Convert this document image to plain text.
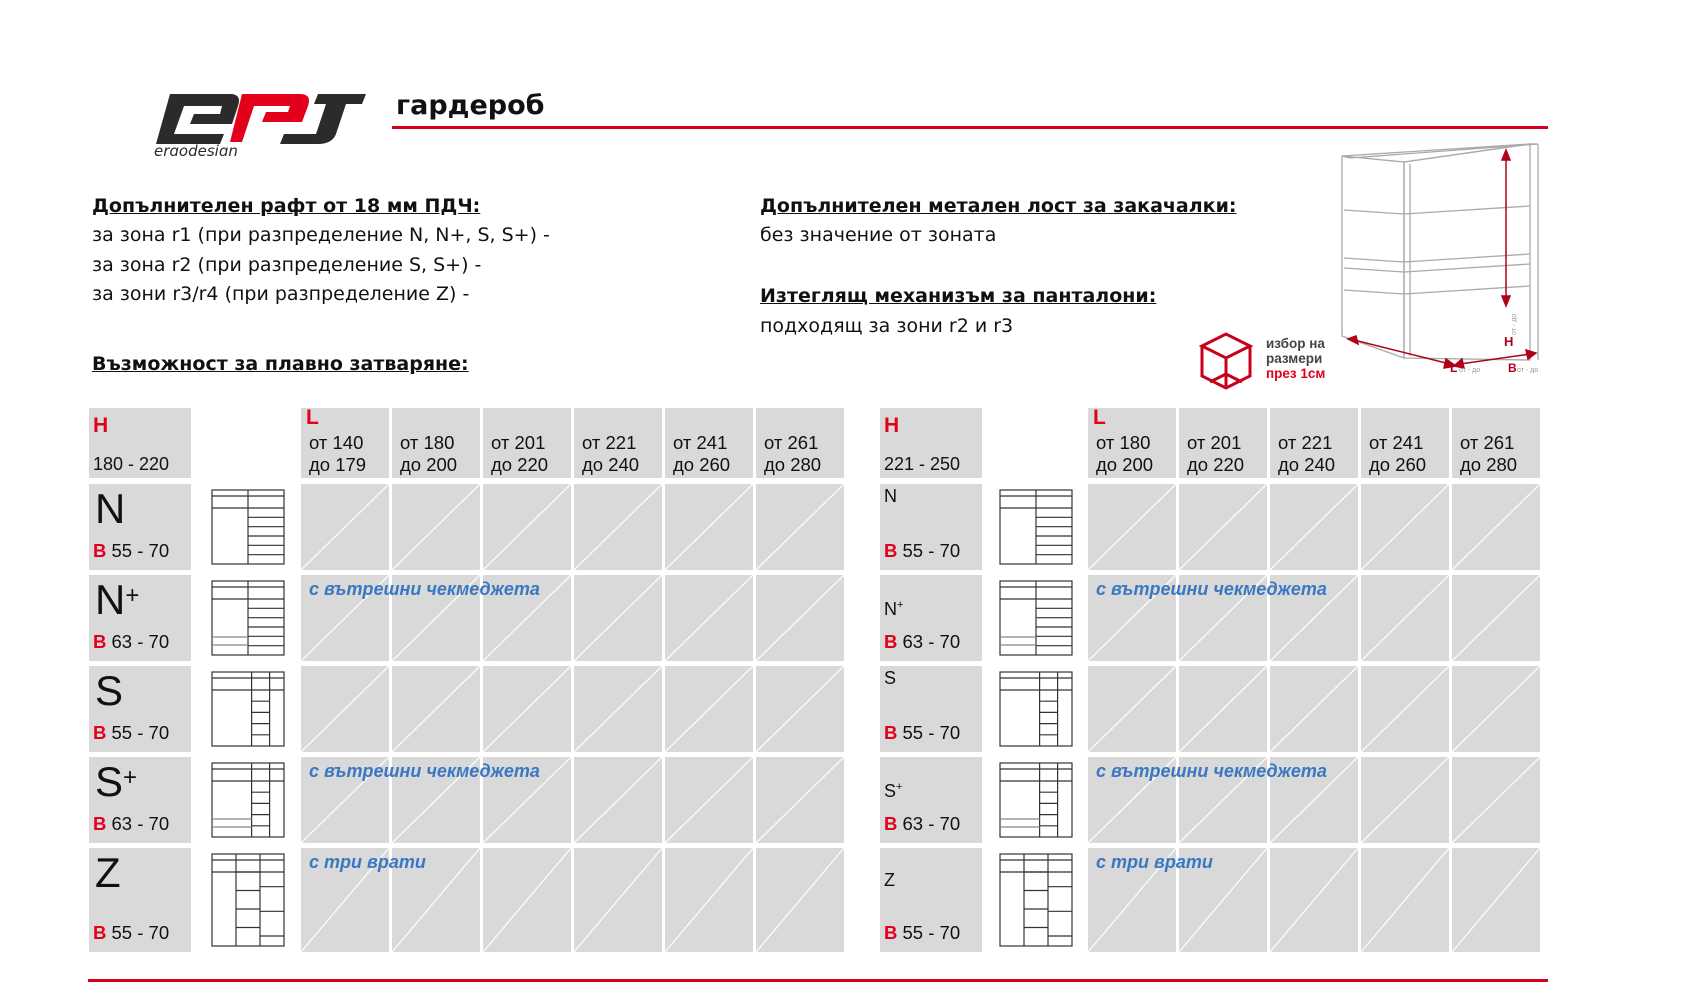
ergodesign
гардероб
Допълнителен рафт от 18 мм ПДЧ:
за зона r1 (при разпределение N, N+, S, S+) -
за зона r2 (при разпределение S, S+) -
за зони r3/r4 (при разпределение Z) -
Възможност за плавно затваряне:
Допълнителен метален лост за закачалки:
без значение от зоната
Изтеглящ механизъм за панталони:
подходящ за зони r2 и r3
H
L	B
от - до
от - до	от - до
избор на
размери
през 1см
H
180 - 220
L
от 140
до 179
от 180
до 200
от 201
до 220
от 221
до 240
от 241
до 260
от 261
до 280
N
B 55 - 70
N+
B 63 - 70
с вътрешни чекмеджета
S
B 55 - 70
S+
B 63 - 70
с вътрешни чекмеджета
Z
B 55 - 70
с три врати
H
221 - 250
L
от 180
до 200
от 201
до 220
от 221
до 240
от 241
до 260
от 261
до 280
N
B 55 - 70
N+
B 63 - 70
с вътрешни чекмеджета
S
B 55 - 70
S+
B 63 - 70
с вътрешни чекмеджета
Z
B 55 - 70
с три врати
